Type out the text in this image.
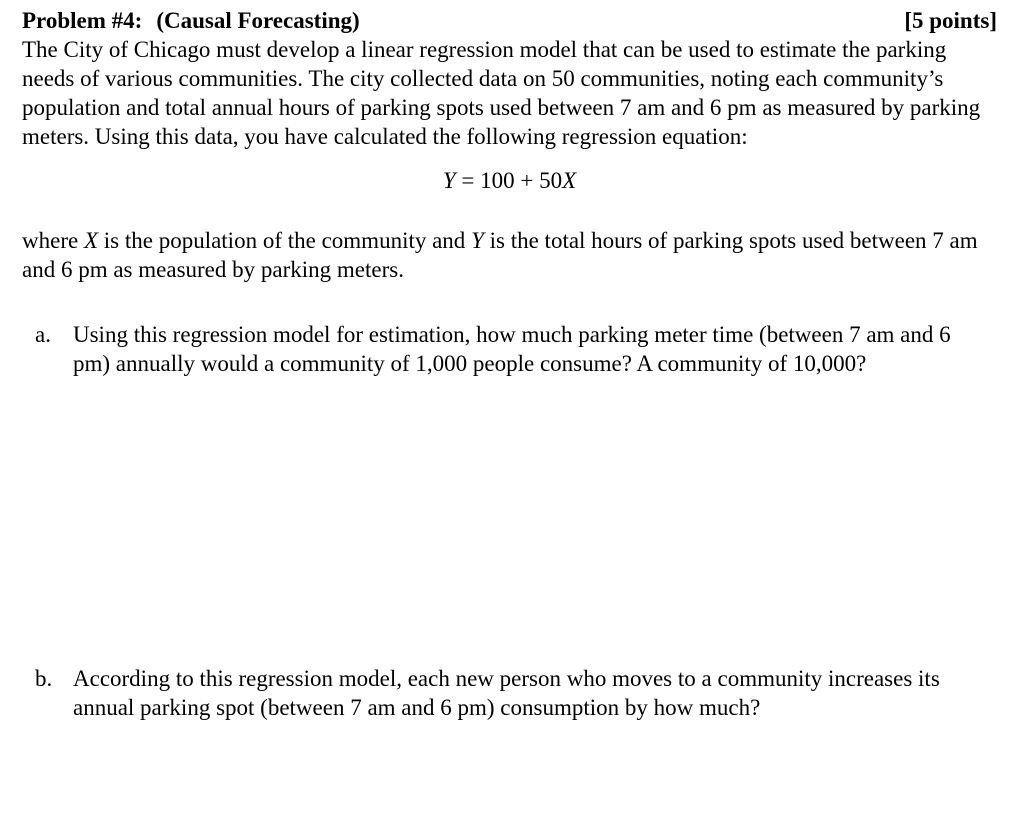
Problem #4: (Causal Forecasting)	[5 points]

The City of Chicago must develop a linear regression model that can be used to estimate the parking needs of various communities. The city collected data on 50 communities, noting each community’s population and total annual hours of parking spots used between 7 am and 6 pm as measured by parking meters. Using this data, you have calculated the following regression equation:

Y = 100 + 50X
where X is the population of the community and Y is the total hours of parking spots used between 7 am and 6 pm as measured by parking meters.
a. Using this regression model for estimation, how much parking meter time (between 7 am and 6 pm) annually would a community of 1,000 people consume? A community of 10,000?
b. According to this regression model, each new person who moves to a community increases its annual parking spot (between 7 am and 6 pm) consumption by how much?
